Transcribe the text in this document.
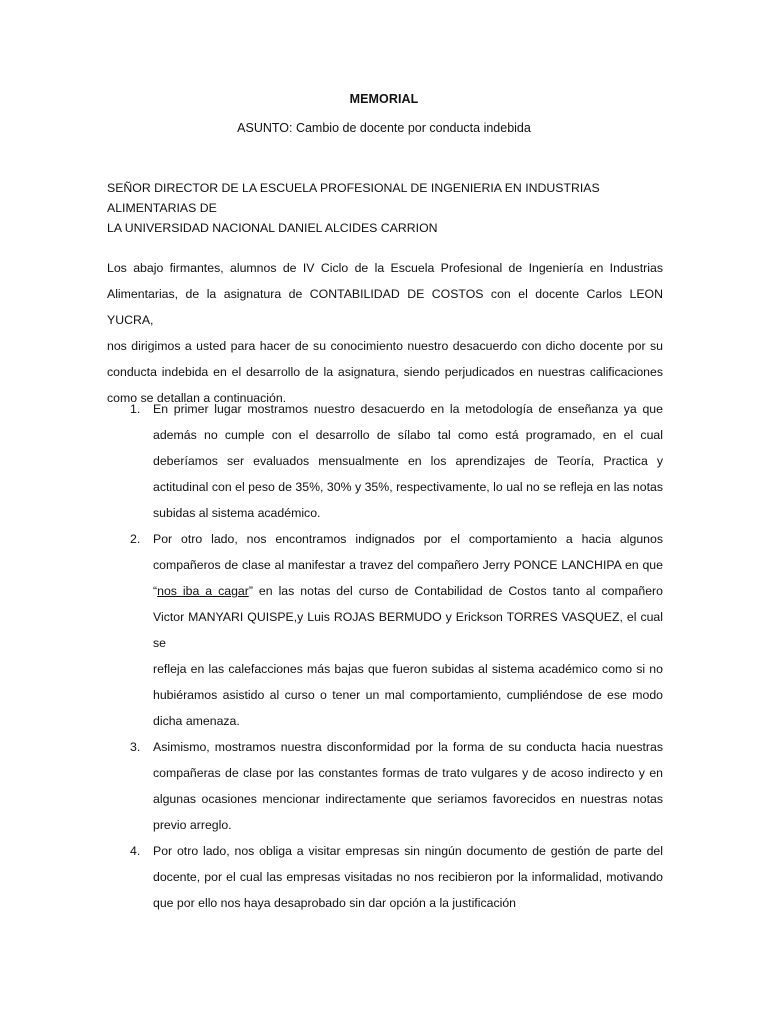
MEMORIAL
ASUNTO: Cambio de docente por conducta indebida
SEÑOR DIRECTOR DE LA ESCUELA PROFESIONAL DE INGENIERIA EN INDUSTRIAS ALIMENTARIAS DE
LA UNIVERSIDAD NACIONAL DANIEL ALCIDES CARRION
Los abajo firmantes, alumnos de IV Ciclo de la Escuela Profesional de Ingeniería en Industrias
Alimentarias, de la asignatura de CONTABILIDAD DE COSTOS con el docente Carlos LEON YUCRA,
nos dirigimos a usted para hacer de su conocimiento nuestro desacuerdo con dicho docente por su
conducta indebida en el desarrollo de la asignatura, siendo perjudicados en nuestras calificaciones
como se detallan a continuación.
1. En primer lugar mostramos nuestro desacuerdo en la metodología de enseñanza ya que
además no cumple con el desarrollo de sílabo tal como está programado, en el cual
deberíamos ser evaluados mensualmente en los aprendizajes de Teoría, Practica y
actitudinal con el peso de 35%, 30% y 35%, respectivamente, lo ual no se refleja en las notas
subidas al sistema académico.
2. Por otro lado, nos encontramos indignados por el comportamiento a hacia algunos
compañeros de clase al manifestar a travez del compañero Jerry PONCE LANCHIPA en que
“nos iba a cagar” en las notas del curso de Contabilidad de Costos tanto al compañero
Victor MANYARI QUISPE,y Luis ROJAS BERMUDO y Erickson TORRES VASQUEZ, el cual se
refleja en las calefacciones más bajas que fueron subidas al sistema académico como si no
hubiéramos asistido al curso o tener un mal comportamiento, cumpliéndose de ese modo
dicha amenaza.
3. Asimismo, mostramos nuestra disconformidad por la forma de su conducta hacia nuestras
compañeras de clase por las constantes formas de trato vulgares y de acoso indirecto y en
algunas ocasiones mencionar indirectamente que seriamos favorecidos en nuestras notas
previo arreglo.
4. Por otro lado, nos obliga a visitar empresas sin ningún documento de gestión de parte del
docente, por el cual las empresas visitadas no nos recibieron por la informalidad, motivando
que por ello nos haya desaprobado sin dar opción a la justificación
